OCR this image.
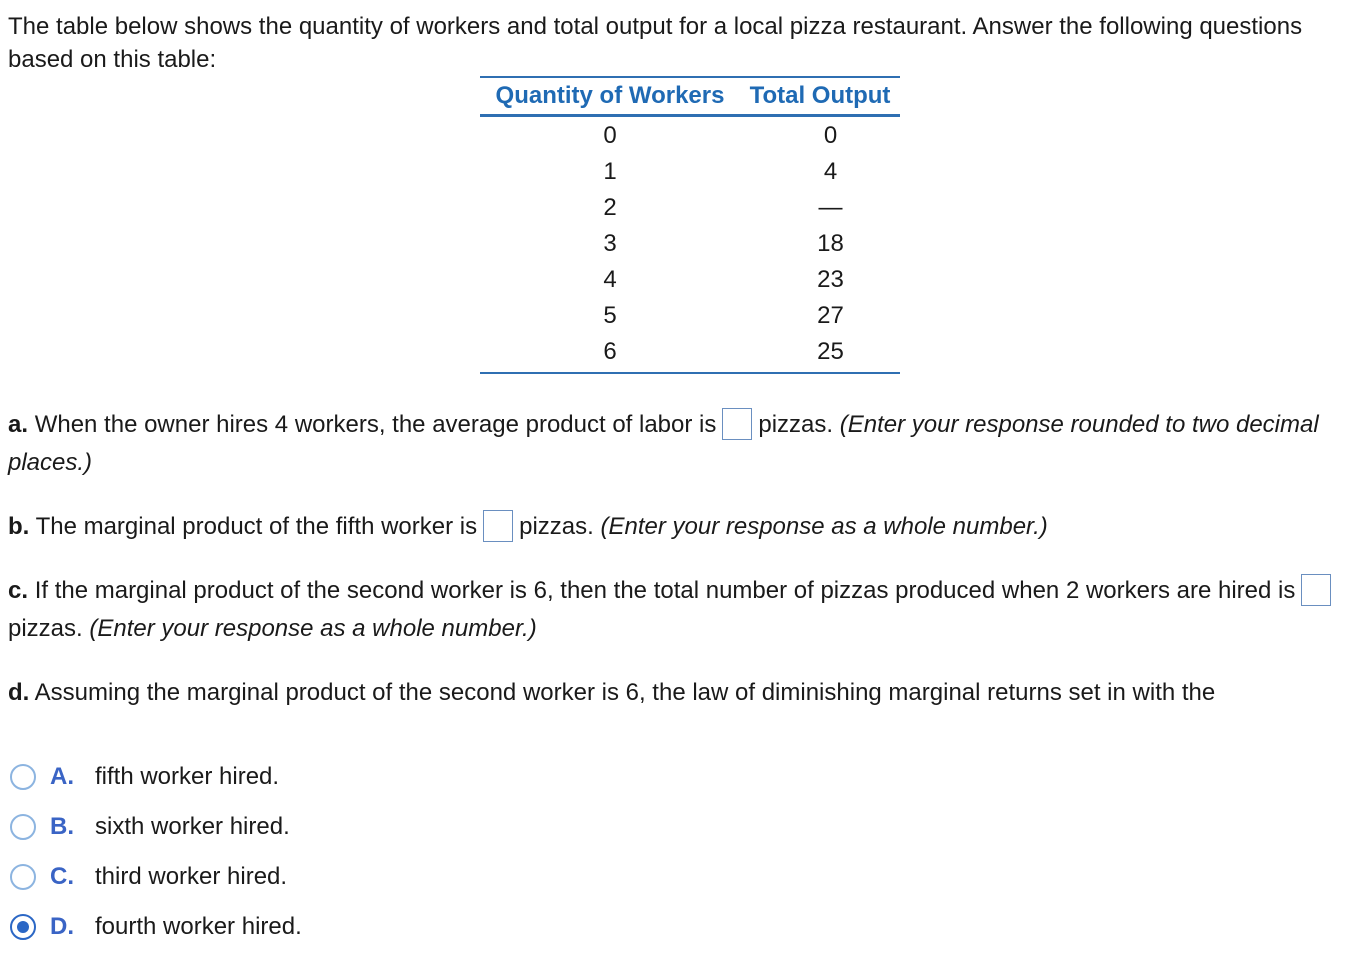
The table below shows the quantity of workers and total output for a local pizza restaurant. Answer the following questions based on this table:
Quantity of Workers	Total Output
0	0
1	4
2	—
3	18
4	23
5	27
6	25
a. When the owner hires 4 workers, the average product of labor is pizzas. (Enter your response rounded to two decimal places.)
b. The marginal product of the fifth worker is pizzas. (Enter your response as a whole number.)
c. If the marginal product of the second worker is 6, then the total number of pizzas produced when 2 workers are hired ispizzas. (Enter your response as a whole number.)
d. Assuming the marginal product of the second worker is 6, the law of diminishing marginal returns set in with the
A. fifth worker hired.
B. sixth worker hired.
C. third worker hired.
D. fourth worker hired.
